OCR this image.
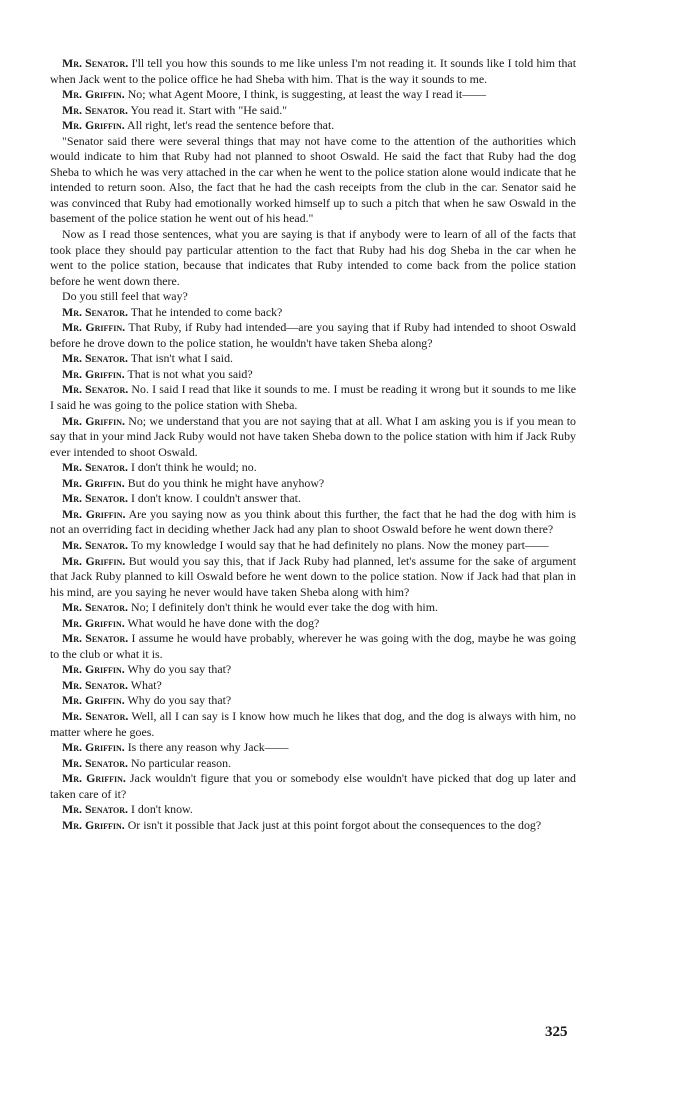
Mr. Senator. I'll tell you how this sounds to me like unless I'm not reading it. It sounds like I told him that when Jack went to the police office he had Sheba with him. That is the way it sounds to me.

Mr. Griffin. No; what Agent Moore, I think, is suggesting, at least the way I read it——

Mr. Senator. You read it. Start with "He said."

Mr. Griffin. All right, let's read the sentence before that.

"Senator said there were several things that may not have come to the attention of the authorities which would indicate to him that Ruby had not planned to shoot Oswald. He said the fact that Ruby had the dog Sheba to which he was very attached in the car when he went to the police station alone would indicate that he intended to return soon. Also, the fact that he had the cash receipts from the club in the car. Senator said he was convinced that Ruby had emotionally worked himself up to such a pitch that when he saw Oswald in the basement of the police station he went out of his head."

Now as I read those sentences, what you are saying is that if anybody were to learn of all of the facts that took place they should pay particular attention to the fact that Ruby had his dog Sheba in the car when he went to the police station, because that indicates that Ruby intended to come back from the police station before he went down there.

Do you still feel that way?

Mr. Senator. That he intended to come back?

Mr. Griffin. That Ruby, if Ruby had intended—are you saying that if Ruby had intended to shoot Oswald before he drove down to the police station, he wouldn't have taken Sheba along?

Mr. Senator. That isn't what I said.

Mr. Griffin. That is not what you said?

Mr. Senator. No. I said I read that like it sounds to me. I must be reading it wrong but it sounds to me like I said he was going to the police station with Sheba.

Mr. Griffin. No; we understand that you are not saying that at all. What I am asking you is if you mean to say that in your mind Jack Ruby would not have taken Sheba down to the police station with him if Jack Ruby ever intended to shoot Oswald.

Mr. Senator. I don't think he would; no.

Mr. Griffin. But do you think he might have anyhow?

Mr. Senator. I don't know. I couldn't answer that.

Mr. Griffin. Are you saying now as you think about this further, the fact that he had the dog with him is not an overriding fact in deciding whether Jack had any plan to shoot Oswald before he went down there?

Mr. Senator. To my knowledge I would say that he had definitely no plans. Now the money part——

Mr. Griffin. But would you say this, that if Jack Ruby had planned, let's assume for the sake of argument that Jack Ruby planned to kill Oswald before he went down to the police station. Now if Jack had that plan in his mind, are you saying he never would have taken Sheba along with him?

Mr. Senator. No; I definitely don't think he would ever take the dog with him.

Mr. Griffin. What would he have done with the dog?

Mr. Senator. I assume he would have probably, wherever he was going with the dog, maybe he was going to the club or what it is.

Mr. Griffin. Why do you say that?

Mr. Senator. What?

Mr. Griffin. Why do you say that?

Mr. Senator. Well, all I can say is I know how much he likes that dog, and the dog is always with him, no matter where he goes.

Mr. Griffin. Is there any reason why Jack——

Mr. Senator. No particular reason.

Mr. Griffin. Jack wouldn't figure that you or somebody else wouldn't have picked that dog up later and taken care of it?

Mr. Senator. I don't know.

Mr. Griffin. Or isn't it possible that Jack just at this point forgot about the consequences to the dog?

325
